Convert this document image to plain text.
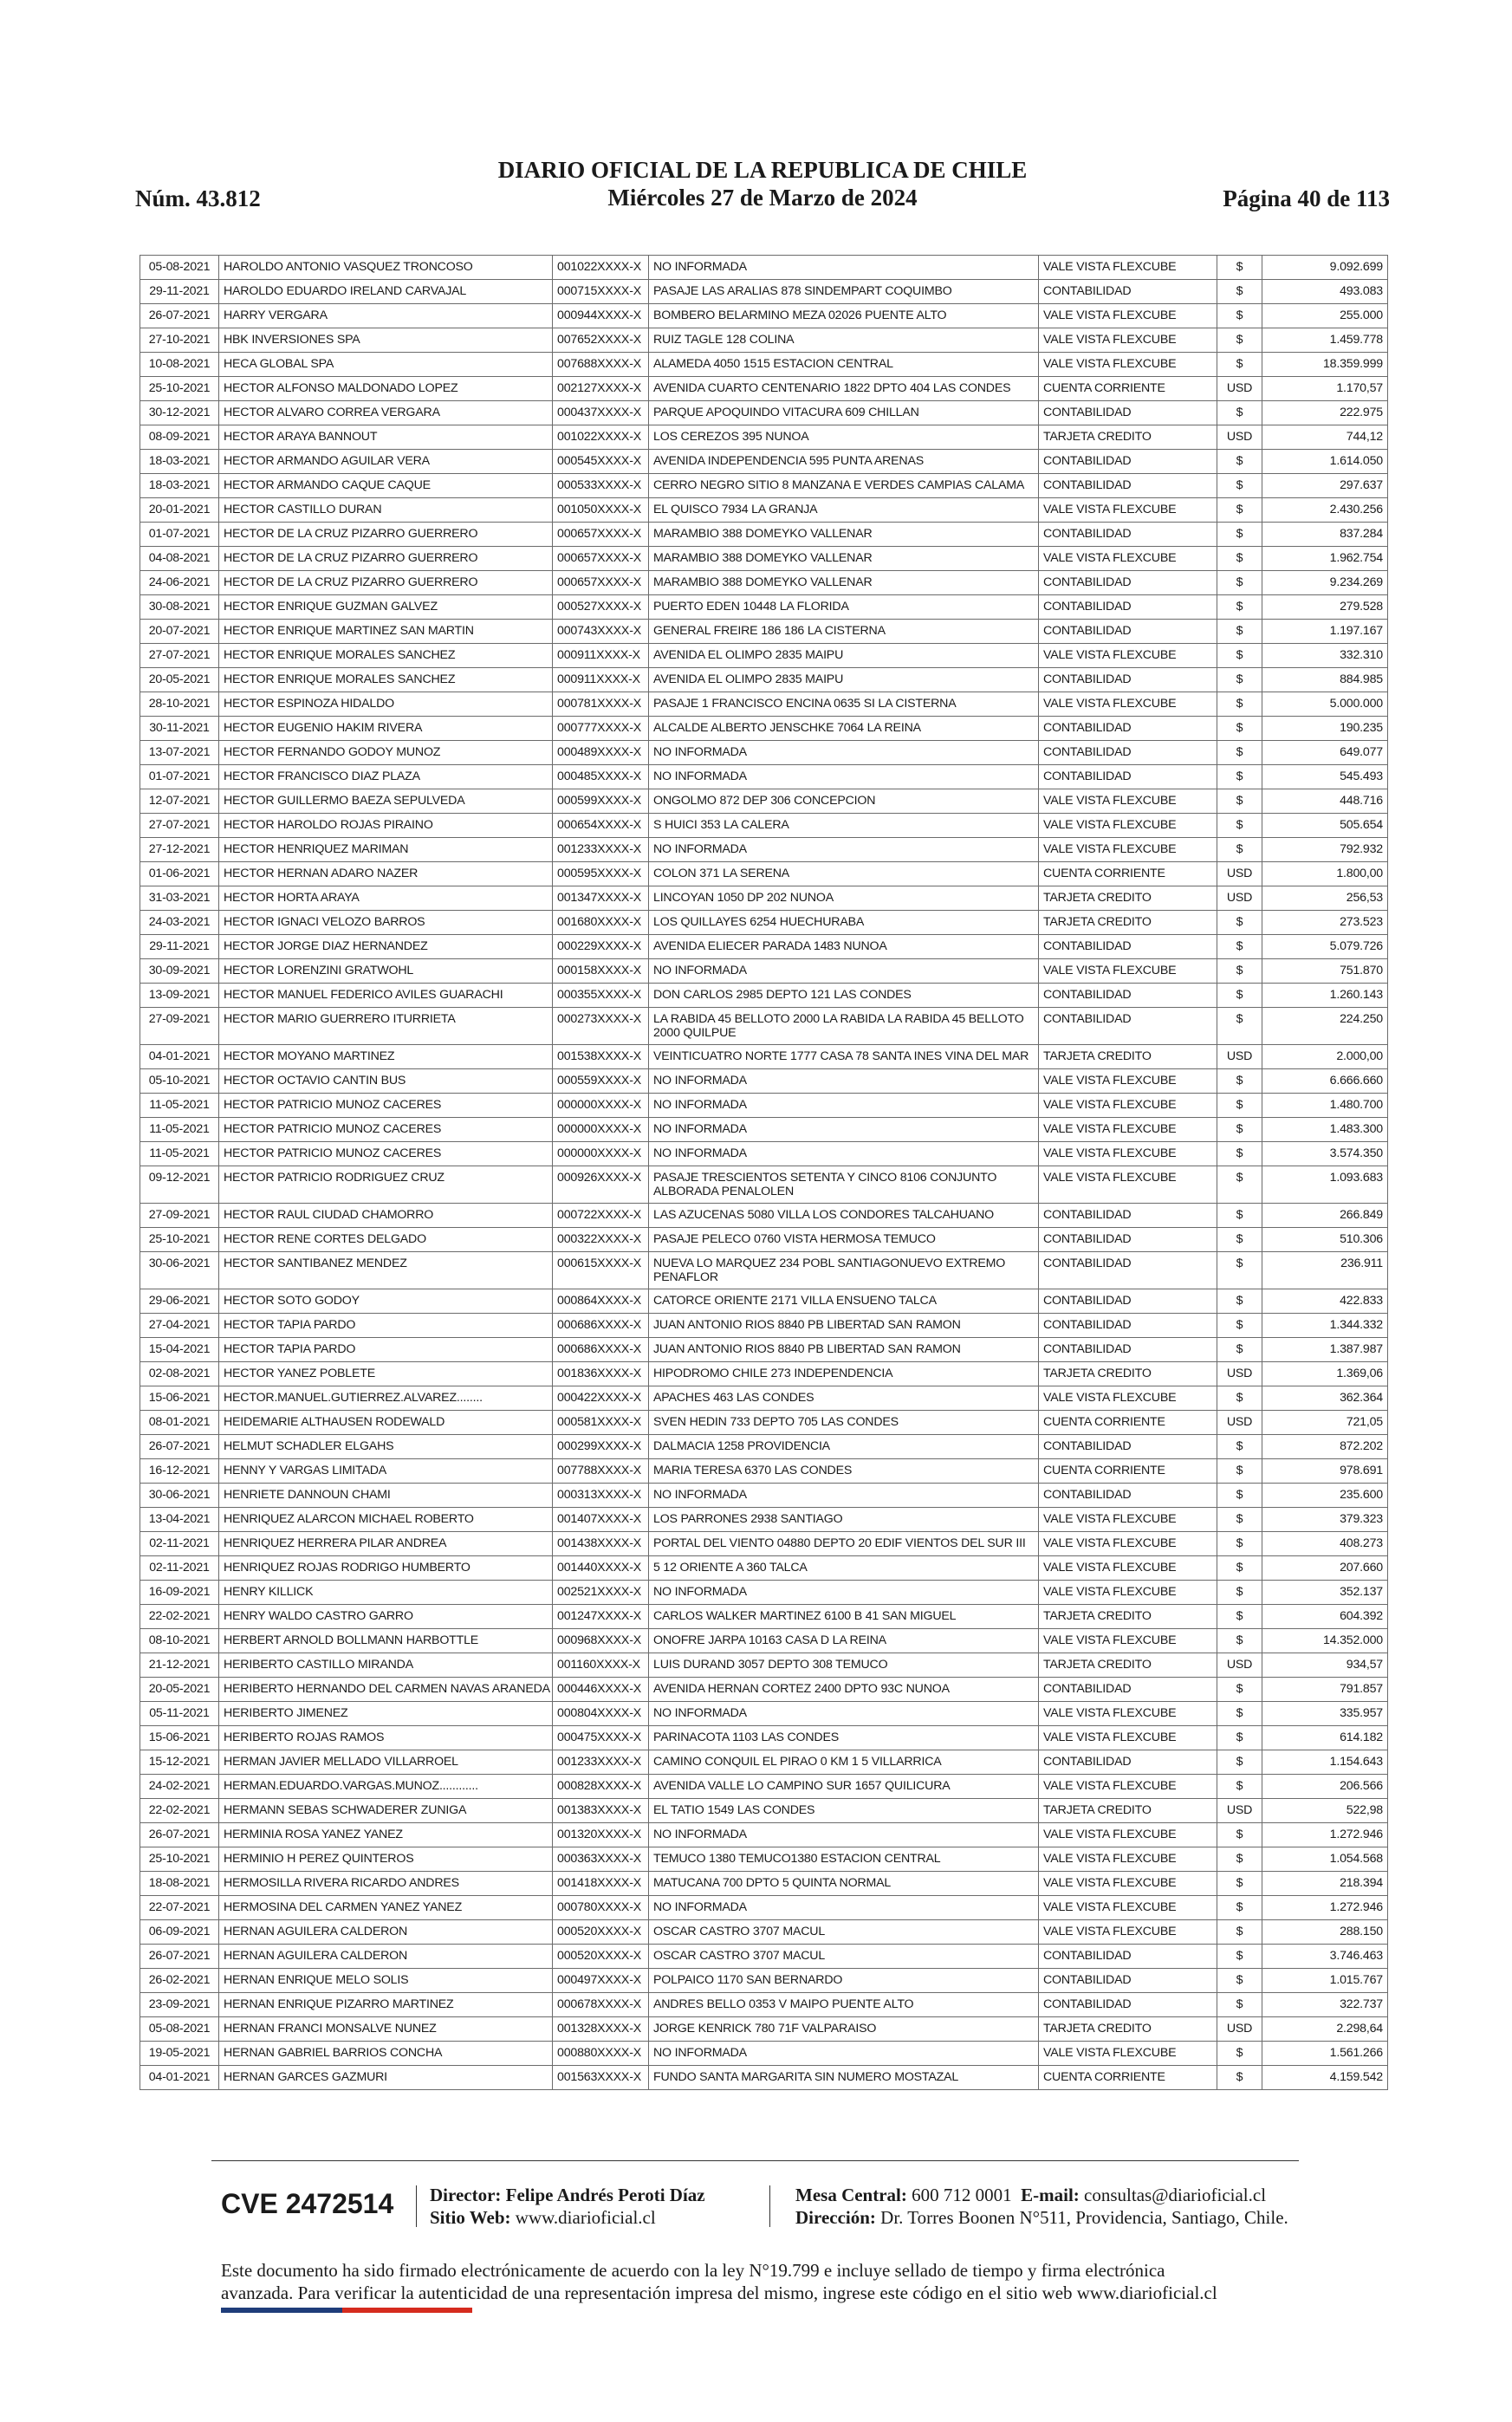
Núm. 43.812
DIARIO OFICIAL DE LA REPUBLICA DE CHILE
Miércoles 27 de Marzo de 2024	Página 40 de 113
05-08-2021	HAROLDO ANTONIO VASQUEZ TRONCOSO	001022XXXX-X	NO INFORMADA	VALE VISTA FLEXCUBE	$	9.092.699
29-11-2021	HAROLDO EDUARDO IRELAND CARVAJAL	000715XXXX-X	PASAJE LAS ARALIAS 878 SINDEMPART COQUIMBO	CONTABILIDAD	$	493.083
26-07-2021	HARRY VERGARA	000944XXXX-X	BOMBERO BELARMINO MEZA 02026 PUENTE ALTO	VALE VISTA FLEXCUBE	$	255.000
27-10-2021	HBK INVERSIONES SPA	007652XXXX-X	RUIZ TAGLE 128 COLINA	VALE VISTA FLEXCUBE	$	1.459.778
10-08-2021	HECA GLOBAL SPA	007688XXXX-X	ALAMEDA 4050 1515 ESTACION CENTRAL	VALE VISTA FLEXCUBE	$	18.359.999
25-10-2021	HECTOR ALFONSO MALDONADO LOPEZ	002127XXXX-X	AVENIDA CUARTO CENTENARIO 1822 DPTO 404 LAS CONDES	CUENTA CORRIENTE	USD	1.170,57
30-12-2021	HECTOR ALVARO CORREA VERGARA	000437XXXX-X	PARQUE APOQUINDO VITACURA 609 CHILLAN	CONTABILIDAD	$	222.975
08-09-2021	HECTOR ARAYA BANNOUT	001022XXXX-X	LOS CEREZOS 395 NUNOA	TARJETA CREDITO	USD	744,12
18-03-2021	HECTOR ARMANDO AGUILAR VERA	000545XXXX-X	AVENIDA INDEPENDENCIA 595 PUNTA ARENAS	CONTABILIDAD	$	1.614.050
18-03-2021	HECTOR ARMANDO CAQUE CAQUE	000533XXXX-X	CERRO NEGRO SITIO 8 MANZANA E VERDES CAMPIAS CALAMA	CONTABILIDAD	$	297.637
20-01-2021	HECTOR CASTILLO DURAN	001050XXXX-X	EL QUISCO 7934 LA GRANJA	VALE VISTA FLEXCUBE	$	2.430.256
01-07-2021	HECTOR DE LA CRUZ PIZARRO GUERRERO	000657XXXX-X	MARAMBIO 388 DOMEYKO VALLENAR	CONTABILIDAD	$	837.284
04-08-2021	HECTOR DE LA CRUZ PIZARRO GUERRERO	000657XXXX-X	MARAMBIO 388 DOMEYKO VALLENAR	VALE VISTA FLEXCUBE	$	1.962.754
24-06-2021	HECTOR DE LA CRUZ PIZARRO GUERRERO	000657XXXX-X	MARAMBIO 388 DOMEYKO VALLENAR	CONTABILIDAD	$	9.234.269
30-08-2021	HECTOR ENRIQUE GUZMAN GALVEZ	000527XXXX-X	PUERTO EDEN 10448 LA FLORIDA	CONTABILIDAD	$	279.528
20-07-2021	HECTOR ENRIQUE MARTINEZ SAN MARTIN	000743XXXX-X	GENERAL FREIRE 186 186 LA CISTERNA	CONTABILIDAD	$	1.197.167
27-07-2021	HECTOR ENRIQUE MORALES SANCHEZ	000911XXXX-X	AVENIDA EL OLIMPO 2835 MAIPU	VALE VISTA FLEXCUBE	$	332.310
20-05-2021	HECTOR ENRIQUE MORALES SANCHEZ	000911XXXX-X	AVENIDA EL OLIMPO 2835 MAIPU	CONTABILIDAD	$	884.985
28-10-2021	HECTOR ESPINOZA HIDALDO	000781XXXX-X	PASAJE 1 FRANCISCO ENCINA 0635 SI LA CISTERNA	VALE VISTA FLEXCUBE	$	5.000.000
30-11-2021	HECTOR EUGENIO HAKIM RIVERA	000777XXXX-X	ALCALDE ALBERTO JENSCHKE 7064 LA REINA	CONTABILIDAD	$	190.235
13-07-2021	HECTOR FERNANDO GODOY MUNOZ	000489XXXX-X	NO INFORMADA	CONTABILIDAD	$	649.077
01-07-2021	HECTOR FRANCISCO DIAZ PLAZA	000485XXXX-X	NO INFORMADA	CONTABILIDAD	$	545.493
12-07-2021	HECTOR GUILLERMO BAEZA SEPULVEDA	000599XXXX-X	ONGOLMO 872 DEP 306 CONCEPCION	VALE VISTA FLEXCUBE	$	448.716
27-07-2021	HECTOR HAROLDO ROJAS PIRAINO	000654XXXX-X	S HUICI 353 LA CALERA	VALE VISTA FLEXCUBE	$	505.654
27-12-2021	HECTOR HENRIQUEZ MARIMAN	001233XXXX-X	NO INFORMADA	VALE VISTA FLEXCUBE	$	792.932
01-06-2021	HECTOR HERNAN ADARO NAZER	000595XXXX-X	COLON 371 LA SERENA	CUENTA CORRIENTE	USD	1.800,00
31-03-2021	HECTOR HORTA ARAYA	001347XXXX-X	LINCOYAN 1050 DP 202 NUNOA	TARJETA CREDITO	USD	256,53
24-03-2021	HECTOR IGNACI VELOZO BARROS	001680XXXX-X	LOS QUILLAYES 6254 HUECHURABA	TARJETA CREDITO	$	273.523
29-11-2021	HECTOR JORGE DIAZ HERNANDEZ	000229XXXX-X	AVENIDA ELIECER PARADA 1483 NUNOA	CONTABILIDAD	$	5.079.726
30-09-2021	HECTOR LORENZINI GRATWOHL	000158XXXX-X	NO INFORMADA	VALE VISTA FLEXCUBE	$	751.870
13-09-2021	HECTOR MANUEL FEDERICO AVILES GUARACHI	000355XXXX-X	DON CARLOS 2985 DEPTO 121 LAS CONDES	CONTABILIDAD	$	1.260.143
27-09-2021	HECTOR MARIO GUERRERO ITURRIETA	000273XXXX-X	LA RABIDA 45 BELLOTO 2000 LA RABIDA LA RABIDA 45 BELLOTO 2000 QUILPUE	CONTABILIDAD	$	224.250
04-01-2021	HECTOR MOYANO MARTINEZ	001538XXXX-X	VEINTICUATRO NORTE 1777 CASA 78 SANTA INES VINA DEL MAR	TARJETA CREDITO	USD	2.000,00
05-10-2021	HECTOR OCTAVIO CANTIN BUS	000559XXXX-X	NO INFORMADA	VALE VISTA FLEXCUBE	$	6.666.660
11-05-2021	HECTOR PATRICIO MUNOZ CACERES	000000XXXX-X	NO INFORMADA	VALE VISTA FLEXCUBE	$	1.480.700
11-05-2021	HECTOR PATRICIO MUNOZ CACERES	000000XXXX-X	NO INFORMADA	VALE VISTA FLEXCUBE	$	1.483.300
11-05-2021	HECTOR PATRICIO MUNOZ CACERES	000000XXXX-X	NO INFORMADA	VALE VISTA FLEXCUBE	$	3.574.350
09-12-2021	HECTOR PATRICIO RODRIGUEZ CRUZ	000926XXXX-X	PASAJE TRESCIENTOS SETENTA Y CINCO 8106 CONJUNTO ALBORADA PENALOLEN	VALE VISTA FLEXCUBE	$	1.093.683
27-09-2021	HECTOR RAUL CIUDAD CHAMORRO	000722XXXX-X	LAS AZUCENAS 5080 VILLA LOS CONDORES TALCAHUANO	CONTABILIDAD	$	266.849
25-10-2021	HECTOR RENE CORTES DELGADO	000322XXXX-X	PASAJE PELECO 0760 VISTA HERMOSA TEMUCO	CONTABILIDAD	$	510.306
30-06-2021	HECTOR SANTIBANEZ MENDEZ	000615XXXX-X	NUEVA LO MARQUEZ 234 POBL SANTIAGONUEVO EXTREMO PENAFLOR	CONTABILIDAD	$	236.911
29-06-2021	HECTOR SOTO GODOY	000864XXXX-X	CATORCE ORIENTE 2171 VILLA ENSUENO TALCA	CONTABILIDAD	$	422.833
27-04-2021	HECTOR TAPIA PARDO	000686XXXX-X	JUAN ANTONIO RIOS 8840 PB LIBERTAD SAN RAMON	CONTABILIDAD	$	1.344.332
15-04-2021	HECTOR TAPIA PARDO	000686XXXX-X	JUAN ANTONIO RIOS 8840 PB LIBERTAD SAN RAMON	CONTABILIDAD	$	1.387.987
02-08-2021	HECTOR YANEZ POBLETE	001836XXXX-X	HIPODROMO CHILE 273 INDEPENDENCIA	TARJETA CREDITO	USD	1.369,06
15-06-2021	HECTOR.MANUEL.GUTIERREZ.ALVAREZ........	000422XXXX-X	APACHES 463 LAS CONDES	VALE VISTA FLEXCUBE	$	362.364
08-01-2021	HEIDEMARIE ALTHAUSEN RODEWALD	000581XXXX-X	SVEN HEDIN 733 DEPTO 705 LAS CONDES	CUENTA CORRIENTE	USD	721,05
26-07-2021	HELMUT SCHADLER ELGAHS	000299XXXX-X	DALMACIA 1258 PROVIDENCIA	CONTABILIDAD	$	872.202
16-12-2021	HENNY Y VARGAS LIMITADA	007788XXXX-X	MARIA TERESA 6370 LAS CONDES	CUENTA CORRIENTE	$	978.691
30-06-2021	HENRIETE DANNOUN CHAMI	000313XXXX-X	NO INFORMADA	CONTABILIDAD	$	235.600
13-04-2021	HENRIQUEZ ALARCON MICHAEL ROBERTO	001407XXXX-X	LOS PARRONES 2938 SANTIAGO	VALE VISTA FLEXCUBE	$	379.323
02-11-2021	HENRIQUEZ HERRERA PILAR ANDREA	001438XXXX-X	PORTAL DEL VIENTO 04880 DEPTO 20 EDIF VIENTOS DEL SUR III	VALE VISTA FLEXCUBE	$	408.273
02-11-2021	HENRIQUEZ ROJAS RODRIGO HUMBERTO	001440XXXX-X	5 12 ORIENTE A 360 TALCA	VALE VISTA FLEXCUBE	$	207.660
16-09-2021	HENRY KILLICK	002521XXXX-X	NO INFORMADA	VALE VISTA FLEXCUBE	$	352.137
22-02-2021	HENRY WALDO CASTRO GARRO	001247XXXX-X	CARLOS WALKER MARTINEZ 6100 B 41 SAN MIGUEL	TARJETA CREDITO	$	604.392
08-10-2021	HERBERT ARNOLD BOLLMANN HARBOTTLE	000968XXXX-X	ONOFRE JARPA 10163 CASA D LA REINA	VALE VISTA FLEXCUBE	$	14.352.000
21-12-2021	HERIBERTO CASTILLO MIRANDA	001160XXXX-X	LUIS DURAND 3057 DEPTO 308 TEMUCO	TARJETA CREDITO	USD	934,57
20-05-2021	HERIBERTO HERNANDO DEL CARMEN NAVAS ARANEDA	000446XXXX-X	AVENIDA HERNAN CORTEZ 2400 DPTO 93C NUNOA	CONTABILIDAD	$	791.857
05-11-2021	HERIBERTO JIMENEZ	000804XXXX-X	NO INFORMADA	VALE VISTA FLEXCUBE	$	335.957
15-06-2021	HERIBERTO ROJAS RAMOS	000475XXXX-X	PARINACOTA 1103 LAS CONDES	VALE VISTA FLEXCUBE	$	614.182
15-12-2021	HERMAN JAVIER MELLADO VILLARROEL	001233XXXX-X	CAMINO CONQUIL EL PIRAO 0 KM 1 5 VILLARRICA	CONTABILIDAD	$	1.154.643
24-02-2021	HERMAN.EDUARDO.VARGAS.MUNOZ............	000828XXXX-X	AVENIDA VALLE LO CAMPINO SUR 1657 QUILICURA	VALE VISTA FLEXCUBE	$	206.566
22-02-2021	HERMANN SEBAS SCHWADERER ZUNIGA	001383XXXX-X	EL TATIO 1549 LAS CONDES	TARJETA CREDITO	USD	522,98
26-07-2021	HERMINIA ROSA YANEZ YANEZ	001320XXXX-X	NO INFORMADA	VALE VISTA FLEXCUBE	$	1.272.946
25-10-2021	HERMINIO H PEREZ QUINTEROS	000363XXXX-X	TEMUCO 1380 TEMUCO1380 ESTACION CENTRAL	VALE VISTA FLEXCUBE	$	1.054.568
18-08-2021	HERMOSILLA RIVERA RICARDO ANDRES	001418XXXX-X	MATUCANA 700 DPTO 5 QUINTA NORMAL	VALE VISTA FLEXCUBE	$	218.394
22-07-2021	HERMOSINA DEL CARMEN YANEZ YANEZ	000780XXXX-X	NO INFORMADA	VALE VISTA FLEXCUBE	$	1.272.946
06-09-2021	HERNAN AGUILERA CALDERON	000520XXXX-X	OSCAR CASTRO 3707 MACUL	VALE VISTA FLEXCUBE	$	288.150
26-07-2021	HERNAN AGUILERA CALDERON	000520XXXX-X	OSCAR CASTRO 3707 MACUL	CONTABILIDAD	$	3.746.463
26-02-2021	HERNAN ENRIQUE MELO SOLIS	000497XXXX-X	POLPAICO 1170 SAN BERNARDO	CONTABILIDAD	$	1.015.767
23-09-2021	HERNAN ENRIQUE PIZARRO MARTINEZ	000678XXXX-X	ANDRES BELLO 0353 V MAIPO PUENTE ALTO	CONTABILIDAD	$	322.737
05-08-2021	HERNAN FRANCI MONSALVE NUNEZ	001328XXXX-X	JORGE KENRICK 780 71F VALPARAISO	TARJETA CREDITO	USD	2.298,64
19-05-2021	HERNAN GABRIEL BARRIOS CONCHA	000880XXXX-X	NO INFORMADA	VALE VISTA FLEXCUBE	$	1.561.266
04-01-2021	HERNAN GARCES GAZMURI	001563XXXX-X	FUNDO SANTA MARGARITA SIN NUMERO MOSTAZAL	CUENTA CORRIENTE	$	4.159.542
CVE 2472514 Director: Felipe Andrés Peroti Díaz
Sitio Web: www.diarioficial.cl
Mesa Central: 600 712 0001 E-mail: consultas@diarioficial.cl
Dirección: Dr. Torres Boonen N°511, Providencia, Santiago, Chile.
Este documento ha sido firmado electrónicamente de acuerdo con la ley N°19.799 e incluye sellado de tiempo y firma electrónica
avanzada. Para verificar la autenticidad de una representación impresa del mismo, ingrese este código en el sitio web www.diarioficial.cl
